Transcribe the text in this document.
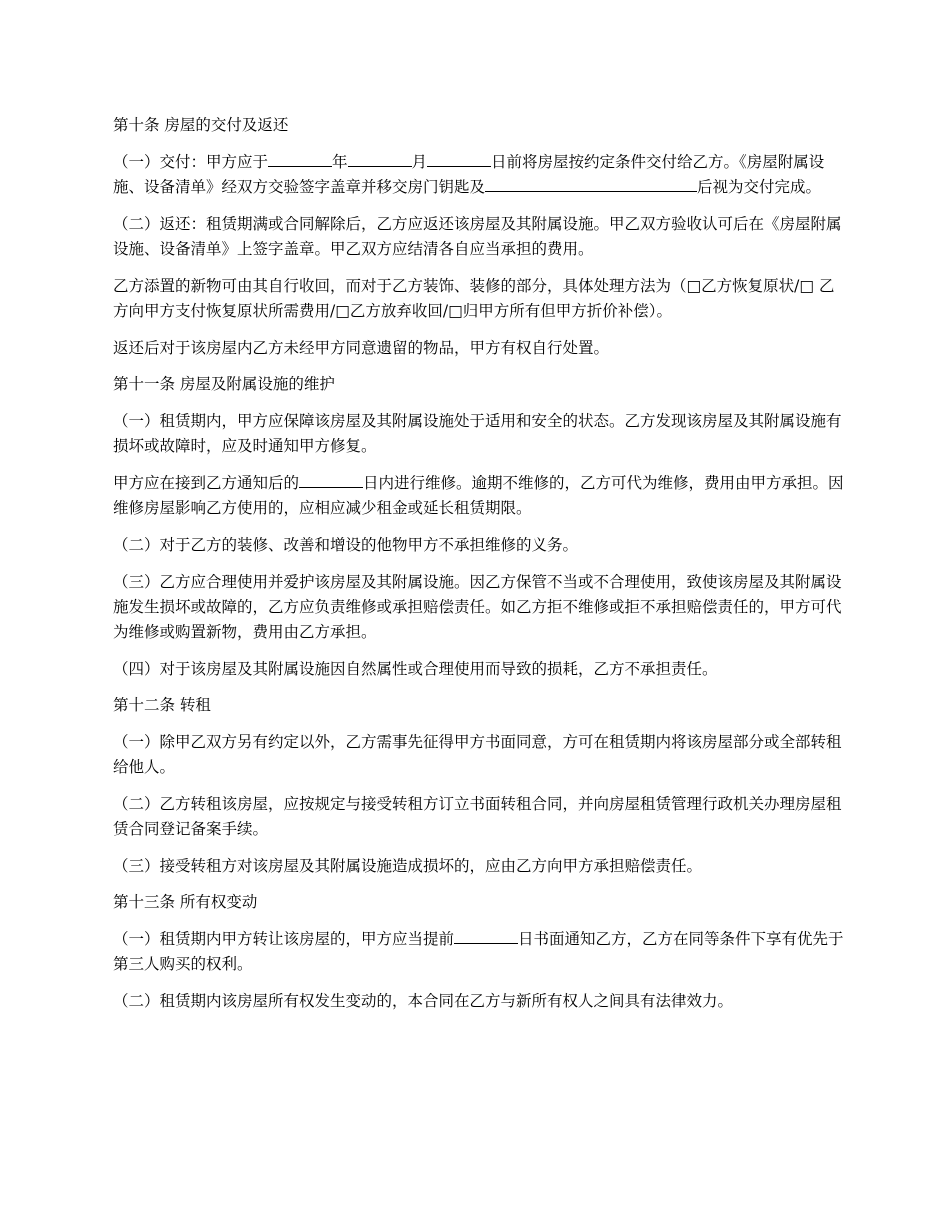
第十条 房屋的交付及返还

（一）交付：甲方应于	年	月	日前将房屋按约定条件交付给乙方。《房屋附属设施、设备清单》经双方交验签字盖章并移交房门钥匙及	后视为交付完成。

（二）返还：租赁期满或合同解除后，乙方应返还该房屋及其附属设施。甲乙双方验收认可后在《房屋附属设施、设备清单》上签字盖章。甲乙双方应结清各自应当承担的费用。

乙方添置的新物可由其自行收回，而对于乙方装饰、装修的部分，具体处理方法为（□乙方恢复原状/□ 乙方向甲方支付恢复原状所需费用/□乙方放弃收回/□归甲方所有但甲方折价补偿）。

返还后对于该房屋内乙方未经甲方同意遗留的物品，甲方有权自行处置。

第十一条 房屋及附属设施的维护

（一）租赁期内，甲方应保障该房屋及其附属设施处于适用和安全的状态。乙方发现该房屋及其附属设施有损坏或故障时，应及时通知甲方修复。

甲方应在接到乙方通知后的	日内进行维修。逾期不维修的，乙方可代为维修，费用由甲方承担。因维修房屋影响乙方使用的，应相应减少租金或延长租赁期限。

（二）对于乙方的装修、改善和增设的他物甲方不承担维修的义务。

（三）乙方应合理使用并爱护该房屋及其附属设施。因乙方保管不当或不合理使用，致使该房屋及其附属设施发生损坏或故障的，乙方应负责维修或承担赔偿责任。如乙方拒不维修或拒不承担赔偿责任的，甲方可代为维修或购置新物，费用由乙方承担。

（四）对于该房屋及其附属设施因自然属性或合理使用而导致的损耗，乙方不承担责任。

第十二条 转租

（一）除甲乙双方另有约定以外，乙方需事先征得甲方书面同意，方可在租赁期内将该房屋部分或全部转租给他人。

（二）乙方转租该房屋，应按规定与接受转租方订立书面转租合同，并向房屋租赁管理行政机关办理房屋租赁合同登记备案手续。

（三）接受转租方对该房屋及其附属设施造成损坏的，应由乙方向甲方承担赔偿责任。

第十三条 所有权变动

（一）租赁期内甲方转让该房屋的，甲方应当提前	日书面通知乙方，乙方在同等条件下享有优先于第三人购买的权利。

（二）租赁期内该房屋所有权发生变动的，本合同在乙方与新所有权人之间具有法律效力。
